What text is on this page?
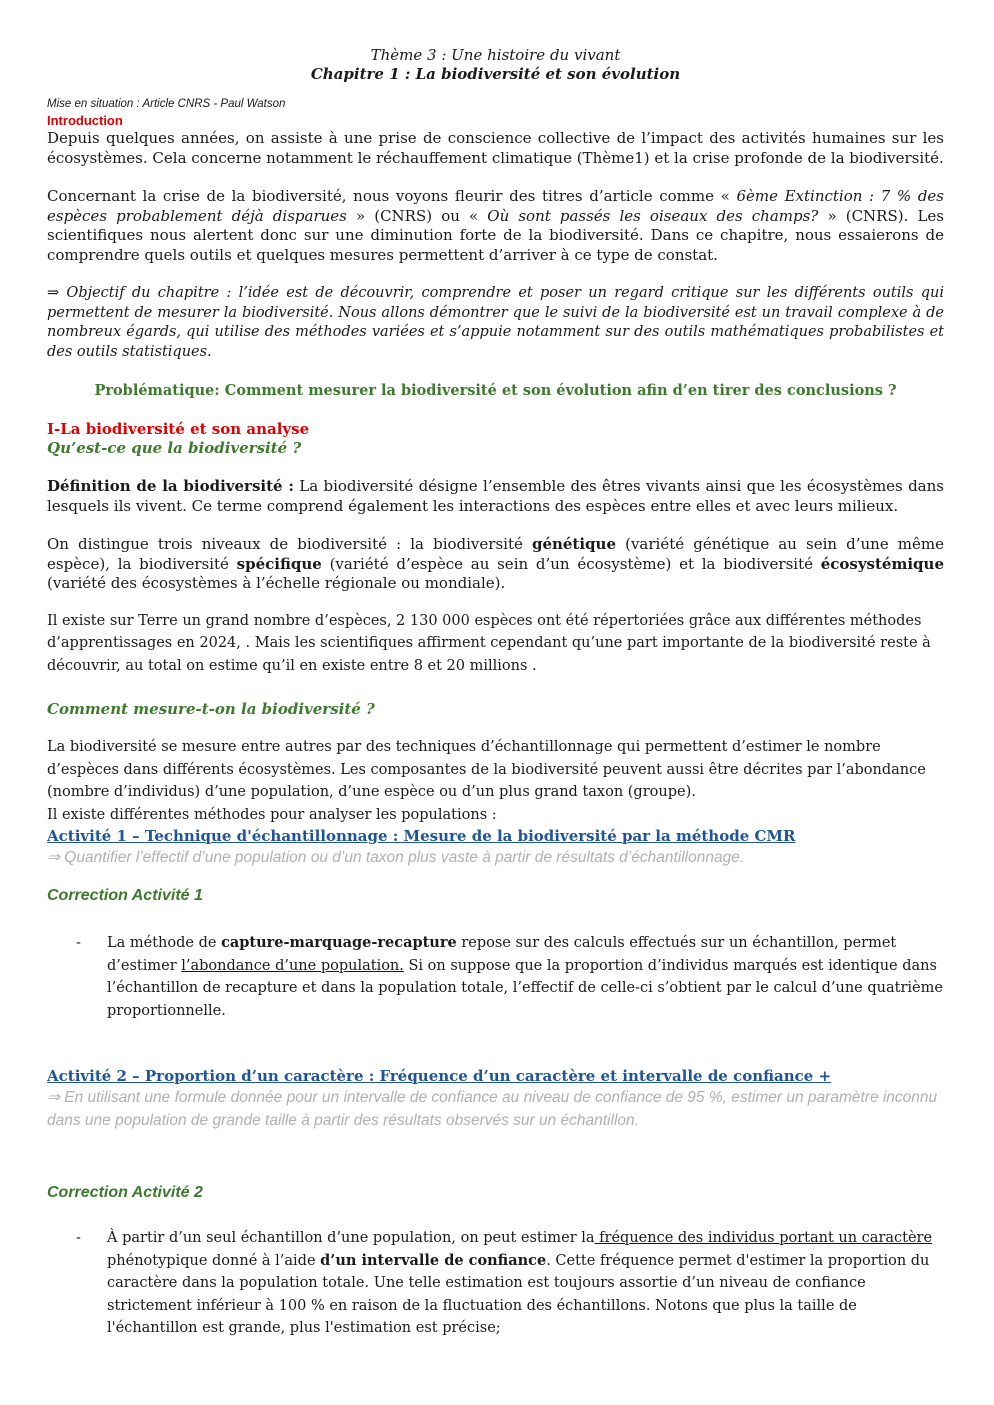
Thème 3 : Une histoire du vivant
Chapitre 1 : La biodiversité et son évolution
Mise en situation : Article CNRS - Paul Watson
Introduction

Depuis quelques années, on assiste à une prise de conscience collective de l’impact des activités humaines sur les écosystèmes. Cela concerne notamment le réchauffement climatique (Thème1) et la crise profonde de la biodiversité.

Concernant la crise de la biodiversité, nous voyons fleurir des titres d’article comme « 6ème Extinction : 7 % des espèces probablement déjà disparues » (CNRS) ou « Où sont passés les oiseaux des champs? » (CNRS). Les scientifiques nous alertent donc sur une diminution forte de la biodiversité. Dans ce chapitre, nous essaierons de comprendre quels outils et quelques mesures permettent d’arriver à ce type de constat.

⇒ Objectif du chapitre : l’idée est de découvrir, comprendre et poser un regard critique sur les différents outils qui permettent de mesurer la biodiversité. Nous allons démontrer que le suivi de la biodiversité est un travail complexe à de nombreux égards, qui utilise des méthodes variées et s’appuie notamment sur des outils mathématiques probabilistes et des outils statistiques.

Problématique: Comment mesurer la biodiversité et son évolution afin d’en tirer des conclusions ?

I-La biodiversité et son analyse
Qu’est-ce que la biodiversité ?

Définition de la biodiversité : La biodiversité désigne l’ensemble des êtres vivants ainsi que les écosystèmes dans lesquels ils vivent. Ce terme comprend également les interactions des espèces entre elles et avec leurs milieux.

On distingue trois niveaux de biodiversité : la biodiversité génétique (variété génétique au sein d’une même espèce), la biodiversité spécifique (variété d’espèce au sein d’un écosystème) et la biodiversité écosystémique (variété des écosystèmes à l’échelle régionale ou mondiale).

Il existe sur Terre un grand nombre d’espèces, 2 130 000 espèces ont été répertoriées grâce aux différentes méthodes d’apprentissages en 2024, . Mais les scientifiques affirment cependant qu’une part importante de la biodiversité reste à découvrir, au total on estime qu’il en existe entre 8 et 20 millions .

Comment mesure-t-on la biodiversité ?

La biodiversité se mesure entre autres par des techniques d’échantillonnage qui permettent d’estimer le nombre d’espèces dans différents écosystèmes. Les composantes de la biodiversité peuvent aussi être décrites par l’abondance (nombre d’individus) d’une population, d’une espèce ou d’un plus grand taxon (groupe).

Il existe différentes méthodes pour analyser les populations :

Activité 1 – Technique d'échantillonnage : Mesure de la biodiversité par la méthode CMR
⇒ Quantifier l’effectif d’une population ou d’un taxon plus vaste à partir de résultats d’échantillonnage.
Correction Activité 1
- La méthode de capture-marquage-recapture repose sur des calculs effectués sur un échantillon, permet d’estimer l’abondance d’une population. Si on suppose que la proportion d’individus marqués est identique dans l’échantillon de recapture et dans la population totale, l’effectif de celle-ci s’obtient par le calcul d’une quatrième proportionnelle.
Activité 2 – Proportion d’un caractère : Fréquence d’un caractère et intervalle de confiance +
⇒ En utilisant une formule donnée pour un intervalle de confiance au niveau de confiance de 95 %, estimer un paramètre inconnu dans une population de grande taille à partir des résultats observés sur un échantillon.
Correction Activité 2
- À partir d’un seul échantillon d’une population, on peut estimer la fréquence des individus portant un caractère phénotypique donné à l’aide d’un intervalle de confiance. Cette fréquence permet d'estimer la proportion du caractère dans la population totale. Une telle estimation est toujours assortie d’un niveau de confiance strictement inférieur à 100 % en raison de la fluctuation des échantillons. Notons que plus la taille de l'échantillon est grande, plus l'estimation est précise;
